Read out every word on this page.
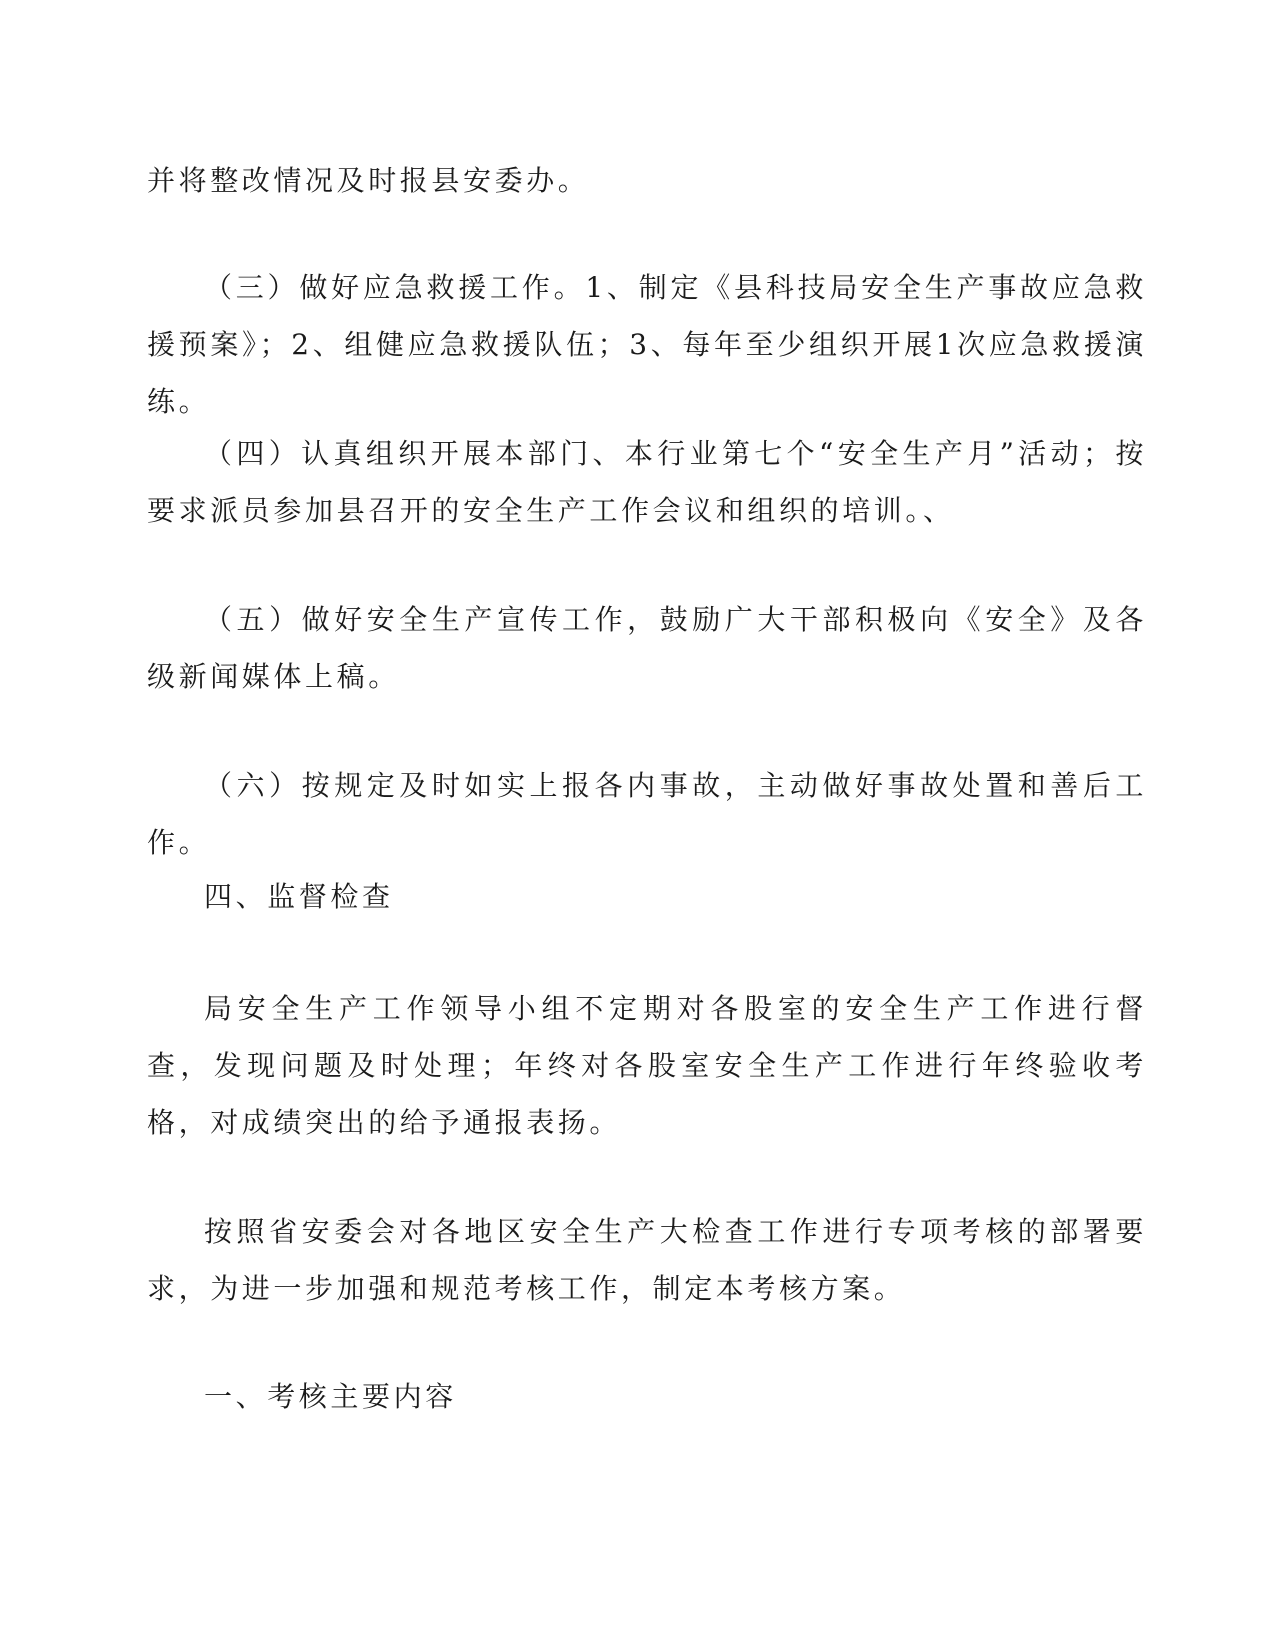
并将整改情况及时报县安委办。

（三）做好应急救援工作。1、制定《县科技局安全生产事故应急救援预案》；2、组健应急救援队伍；3、每年至少组织开展1次应急救援演练。

（四）认真组织开展本部门、本行业第七个“安全生产月”活动；按要求派员参加县召开的安全生产工作会议和组织的培训。、

（五）做好安全生产宣传工作，鼓励广大干部积极向《安全》及各级新闻媒体上稿。

（六）按规定及时如实上报各内事故，主动做好事故处置和善后工作。

四、监督检查

局安全生产工作领导小组不定期对各股室的安全生产工作进行督查，发现问题及时处理；年终对各股室安全生产工作进行年终验收考格，对成绩突出的给予通报表扬。

按照省安委会对各地区安全生产大检查工作进行专项考核的部署要求，为进一步加强和规范考核工作，制定本考核方案。

一、考核主要内容
